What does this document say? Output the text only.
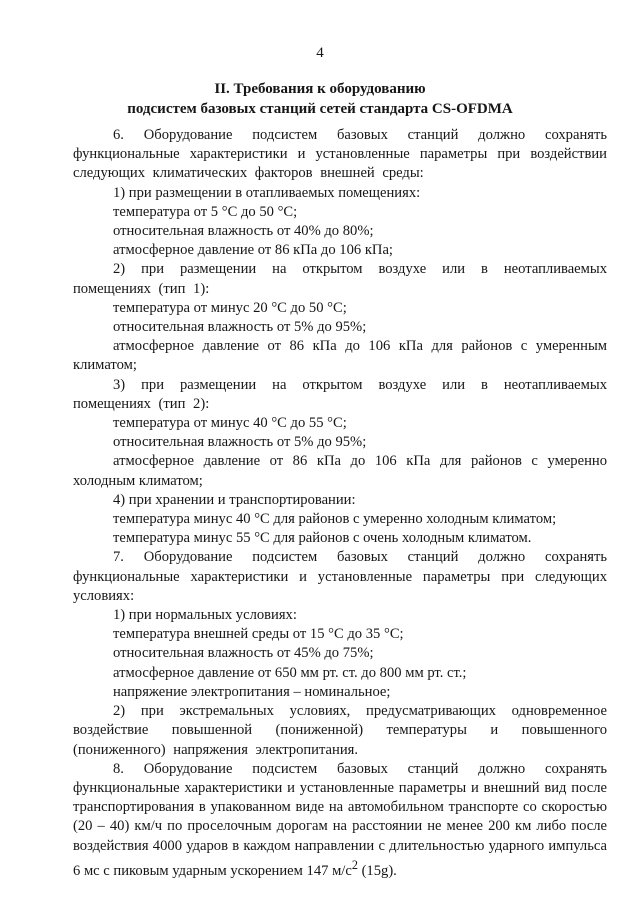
4
II. Требования к оборудованию
подсистем базовых станций сетей стандарта CS-OFDMA

6. Оборудование подсистем базовых станций должно сохранять функциональные характеристики и установленные параметры при воздействии следующих климатических факторов внешней среды:

1) при размещении в отапливаемых помещениях:

температура от 5 °С до 50 °С;

относительная влажность от 40% до 80%;

атмосферное давление от 86 кПа до 106 кПа;

2) при размещении на открытом воздухе или в неотапливаемых помещениях (тип 1):

температура от минус 20 °С до 50 °С;

относительная влажность от 5% до 95%;

атмосферное давление от 86 кПа до 106 кПа для районов с умеренным климатом;

3) при размещении на открытом воздухе или в неотапливаемых помещениях (тип 2):

температура от минус 40 °С до 55 °С;

относительная влажность от 5% до 95%;

атмосферное давление от 86 кПа до 106 кПа для районов с умеренно холодным климатом;

4) при хранении и транспортировании:

температура минус 40 °С для районов с умеренно холодным климатом;

температура минус 55 °С для районов с очень холодным климатом.

7. Оборудование подсистем базовых станций должно сохранять функциональные характеристики и установленные параметры при следующих условиях:

1) при нормальных условиях:

температура внешней среды от 15 °С до 35 °С;

относительная влажность от 45% до 75%;

атмосферное давление от 650 мм рт. ст. до 800 мм рт. ст.;

напряжение электропитания – номинальное;

2) при экстремальных условиях, предусматривающих одновременное воздействие повышенной (пониженной) температуры и повышенного (пониженного) напряжения электропитания.

8. Оборудование подсистем базовых станций должно сохранять функциональные характеристики и установленные параметры и внешний вид после транспортирования в упакованном виде на автомобильном транспорте со скоростью (20 – 40) км/ч по проселочным дорогам на расстоянии не менее 200 км либо после воздействия 4000 ударов в каждом направлении с длительностью ударного импульса 6 мс с пиковым ударным ускорением 147 $м/с^2$ (15g).
